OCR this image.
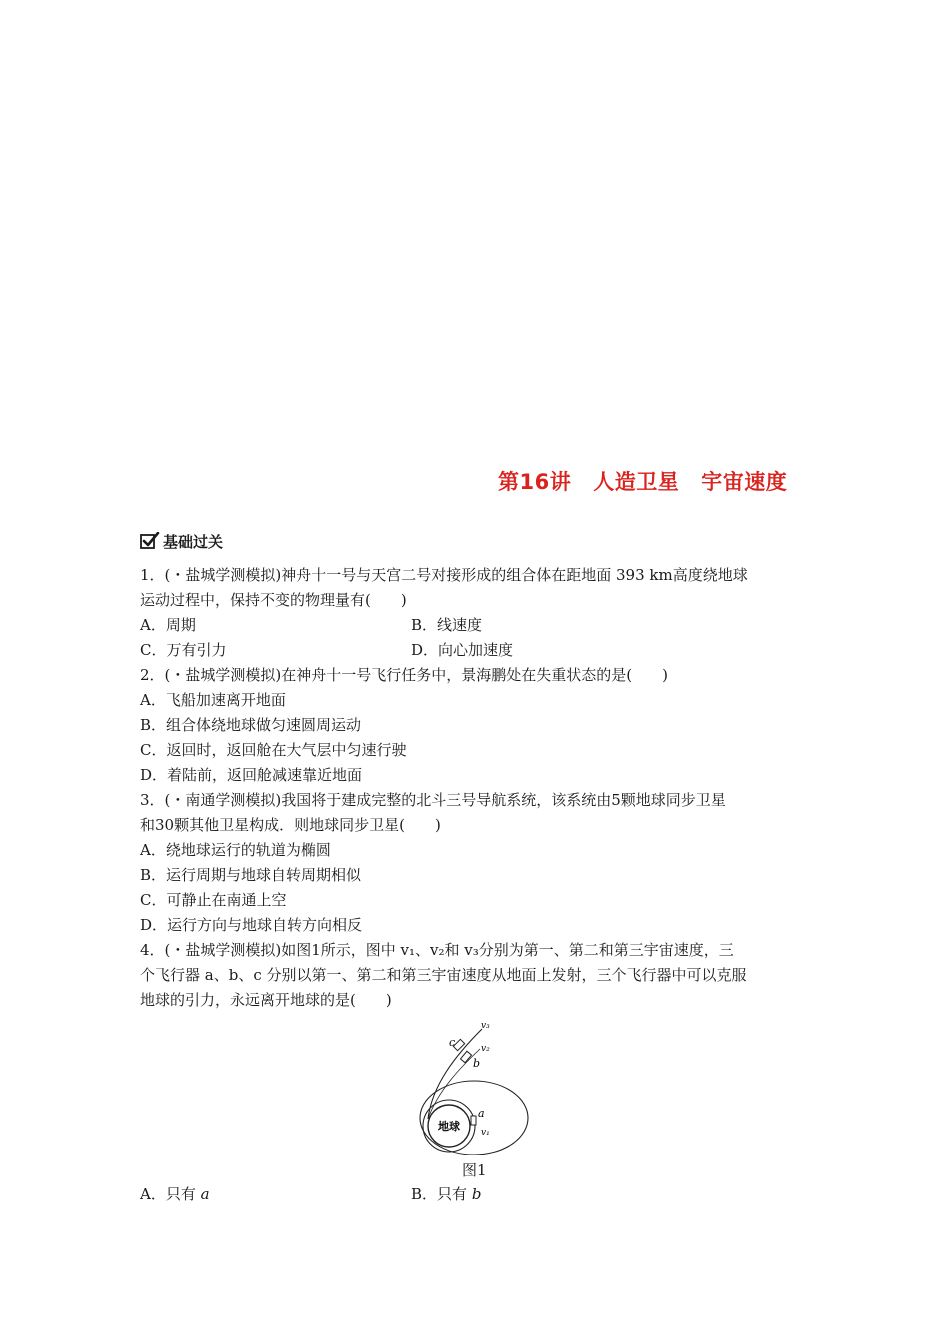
第16讲 人造卫星 宇宙速度
基础过关
1．(・盐城学测模拟)神舟十一号与天宫二号对接形成的组合体在距地面 393 km高度绕地球
运动过程中，保持不变的物理量有(　　)
A．周期	B．线速度
C．万有引力	D．向心加速度
2．(・盐城学测模拟)在神舟十一号飞行任务中，景海鹏处在失重状态的是(　　)
A．飞船加速离开地面
B．组合体绕地球做匀速圆周运动
C．返回时，返回舱在大气层中匀速行驶
D．着陆前，返回舱减速靠近地面
3．(・南通学测模拟)我国将于建成完整的北斗三号导航系统，该系统由5颗地球同步卫星
和30颗其他卫星构成．则地球同步卫星(　　)
A．绕地球运行的轨道为椭圆
B．运行周期与地球自转周期相似
C．可静止在南通上空
D．运行方向与地球自转方向相反
4．(・盐城学测模拟)如图1所示，图中 v₁、v₂和 v₃分别为第一、第二和第三宇宙速度，三
个飞行器 a、b、c 分别以第一、第二和第三宇宙速度从地面上发射，三个飞行器中可以克服
地球的引力，永远离开地球的是(　　)
地球
c
b
a
v₃
v₂
v₁
图1
A．只有 a	B．只有 b
